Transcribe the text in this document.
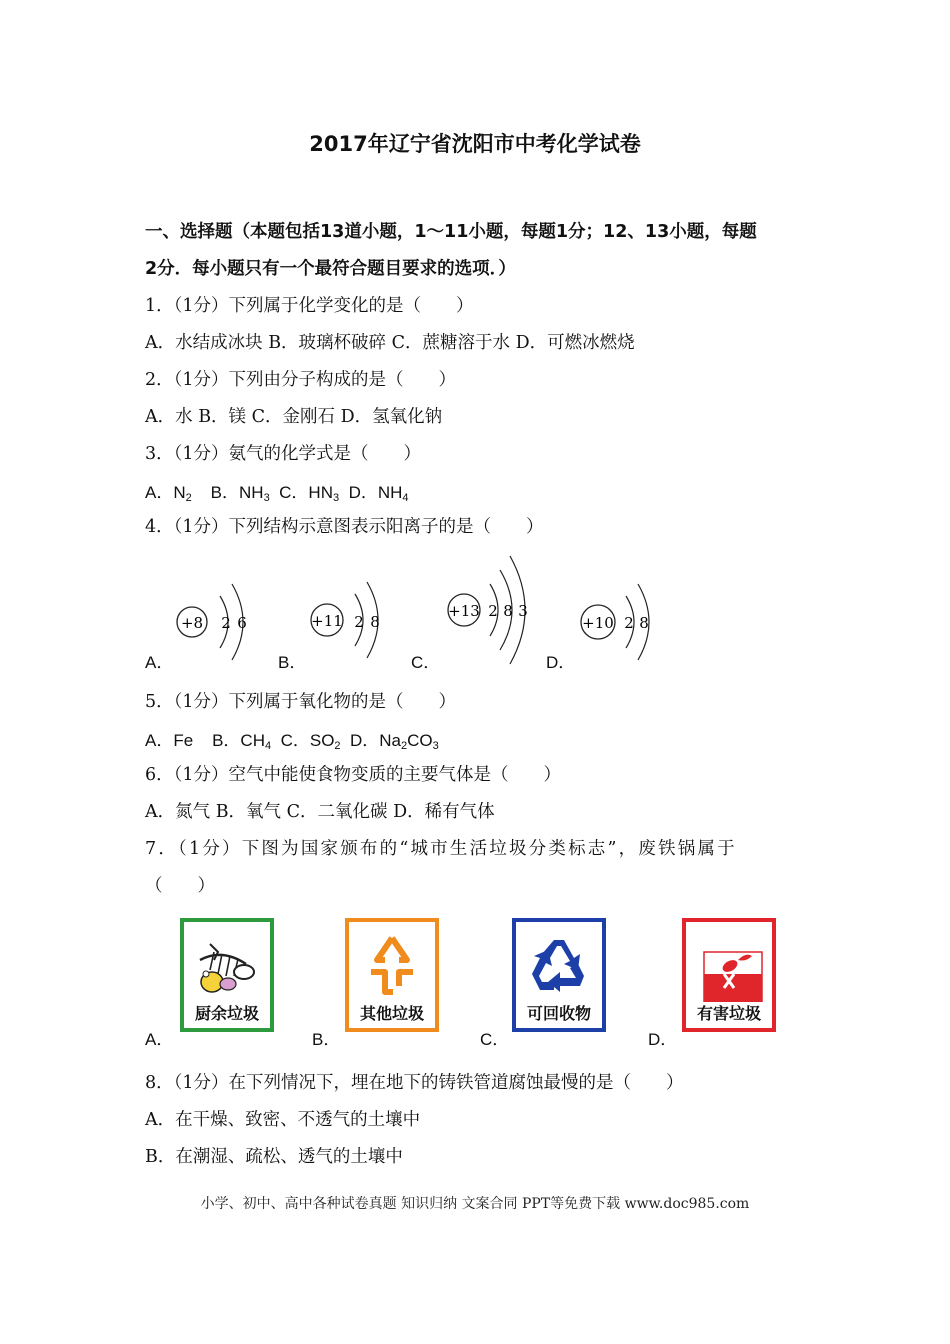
2017年辽宁省沈阳市中考化学试卷
一、选择题（本题包括13道小题，1～11小题，每题1分；12、13小题，每题
2分．每小题只有一个最符合题目要求的选项．）
1．（1分）下列属于化学变化的是（　　）
A．水结成冰块 B．玻璃杯破碎 C．蔗糖溶于水 D．可燃冰燃烧
2．（1分）下列由分子构成的是（　　）
A．水 B．镁 C．金刚石 D．氢氧化钠
3．（1分）氨气的化学式是（　　）
A．$N_2$ B．$NH_3$ C．$HN_3$ D．$NH_4$
4．（1分）下列结构示意图表示阳离子的是（　　）
A．	B．	C．	D．
+8 2 6	+11 2 8
+13 2 8 3
+10 2 8
5．（1分）下列属于氧化物的是（　　）
A．Fe B．$CH_4$ C．$SO_2$ D．$Na_2CO_3$
6．（1分）空气中能使食物变质的主要气体是（　　）
A．氮气 B．氧气 C．二氧化碳 D．稀有气体
7．（1分）下图为国家颁布的“城市生活垃圾分类标志”，废铁锅属于
（　　）
A．	B．	C．	D．
厨余垃圾	其他垃圾	可回收物	有害垃圾
8．（1分）在下列情况下，埋在地下的铸铁管道腐蚀最慢的是（　　）
A．在干燥、致密、不透气的土壤中
B．在潮湿、疏松、透气的土壤中
小学、初中、高中各种试卷真题 知识归纳 文案合同 PPT等免费下载 www.doc985.com
